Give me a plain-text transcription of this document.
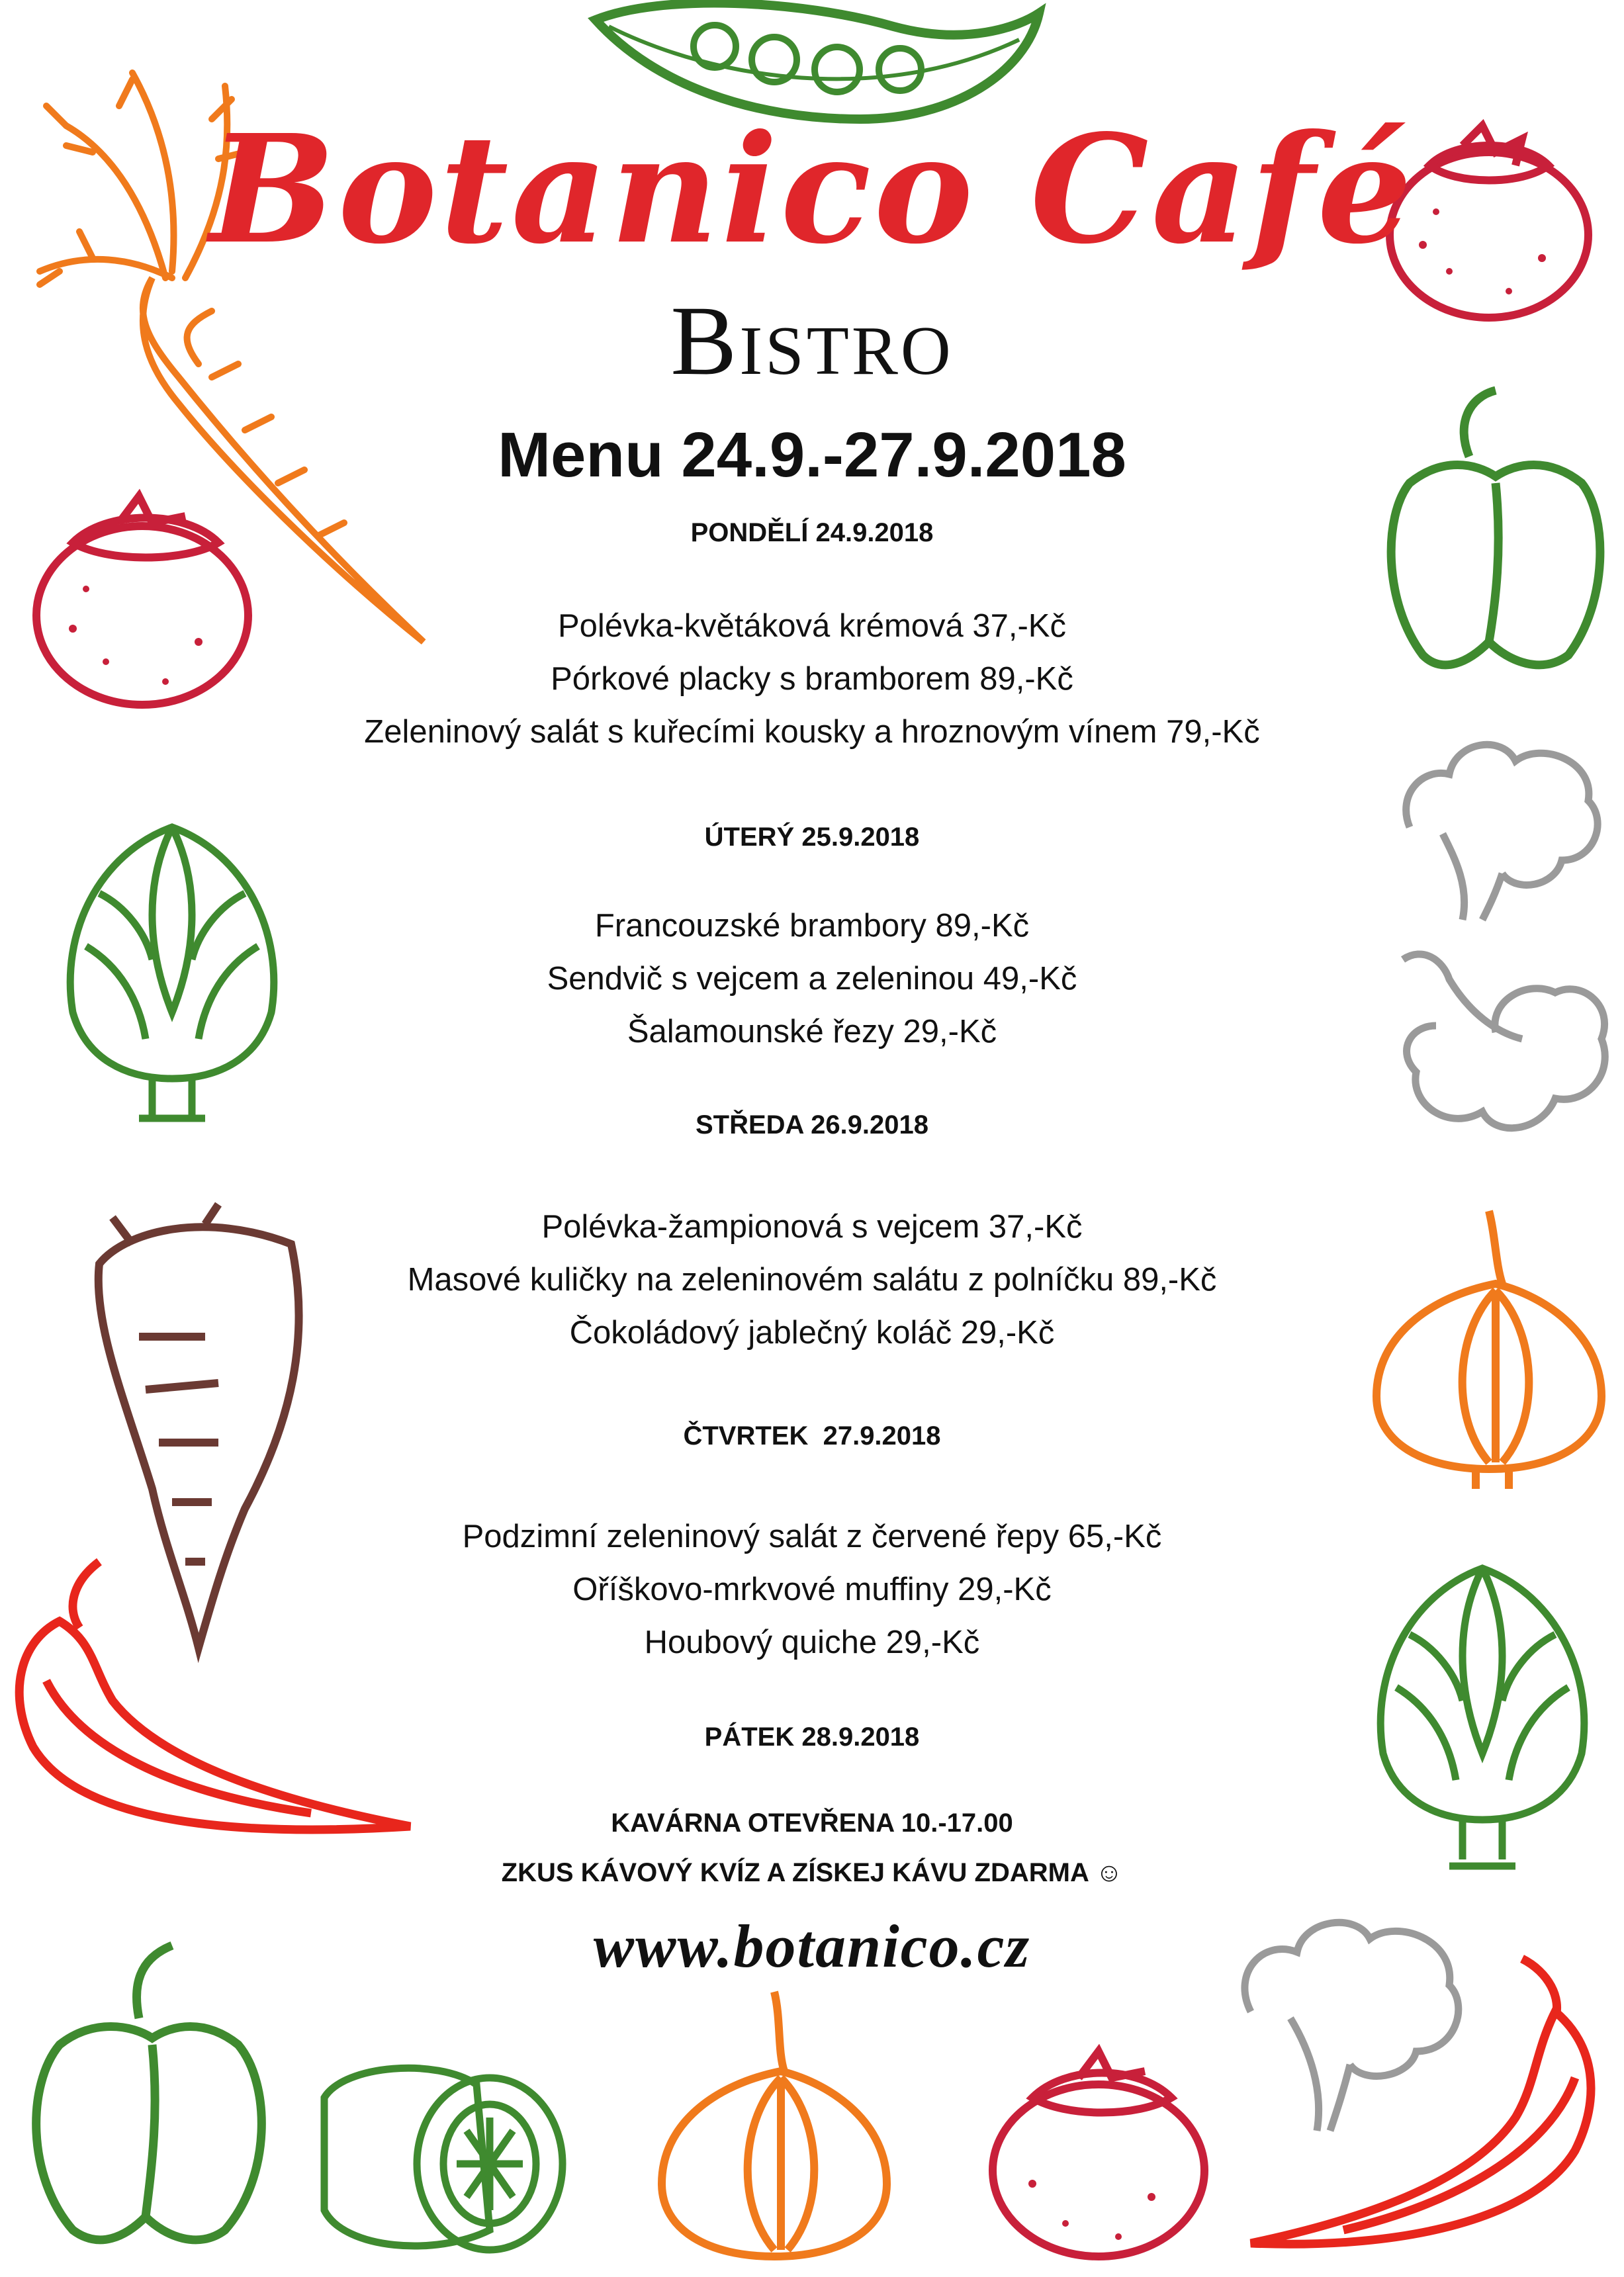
Botanico Café
Bistro
Menu 24.9.-27.9.2018
PONDĚLÍ 24.9.2018
Polévka-květáková krémová 37,-Kč
Pórkové placky s bramborem 89,-Kč
Zeleninový salát s kuřecími kousky a hroznovým vínem 79,-Kč
ÚTERÝ 25.9.2018
Francouzské brambory 89,-Kč
Sendvič s vejcem a zeleninou 49,-Kč
Šalamounské řezy 29,-Kč
STŘEDA 26.9.2018
Polévka-žampionová s vejcem 37,-Kč
Masové kuličky na zeleninovém salátu z polníčku 89,-Kč
Čokoládový jablečný koláč 29,-Kč
ČTVRTEK  27.9.2018
Podzimní zeleninový salát z červené řepy 65,-Kč
Oříškovo-mrkvové muffiny 29,-Kč
Houbový quiche 29,-Kč
PÁTEK 28.9.2018
KAVÁRNA OTEVŘENA 10.-17.00
ZKUS KÁVOVÝ KVÍZ A ZÍSKEJ KÁVU ZDARMA ☺
www.botanico.cz
